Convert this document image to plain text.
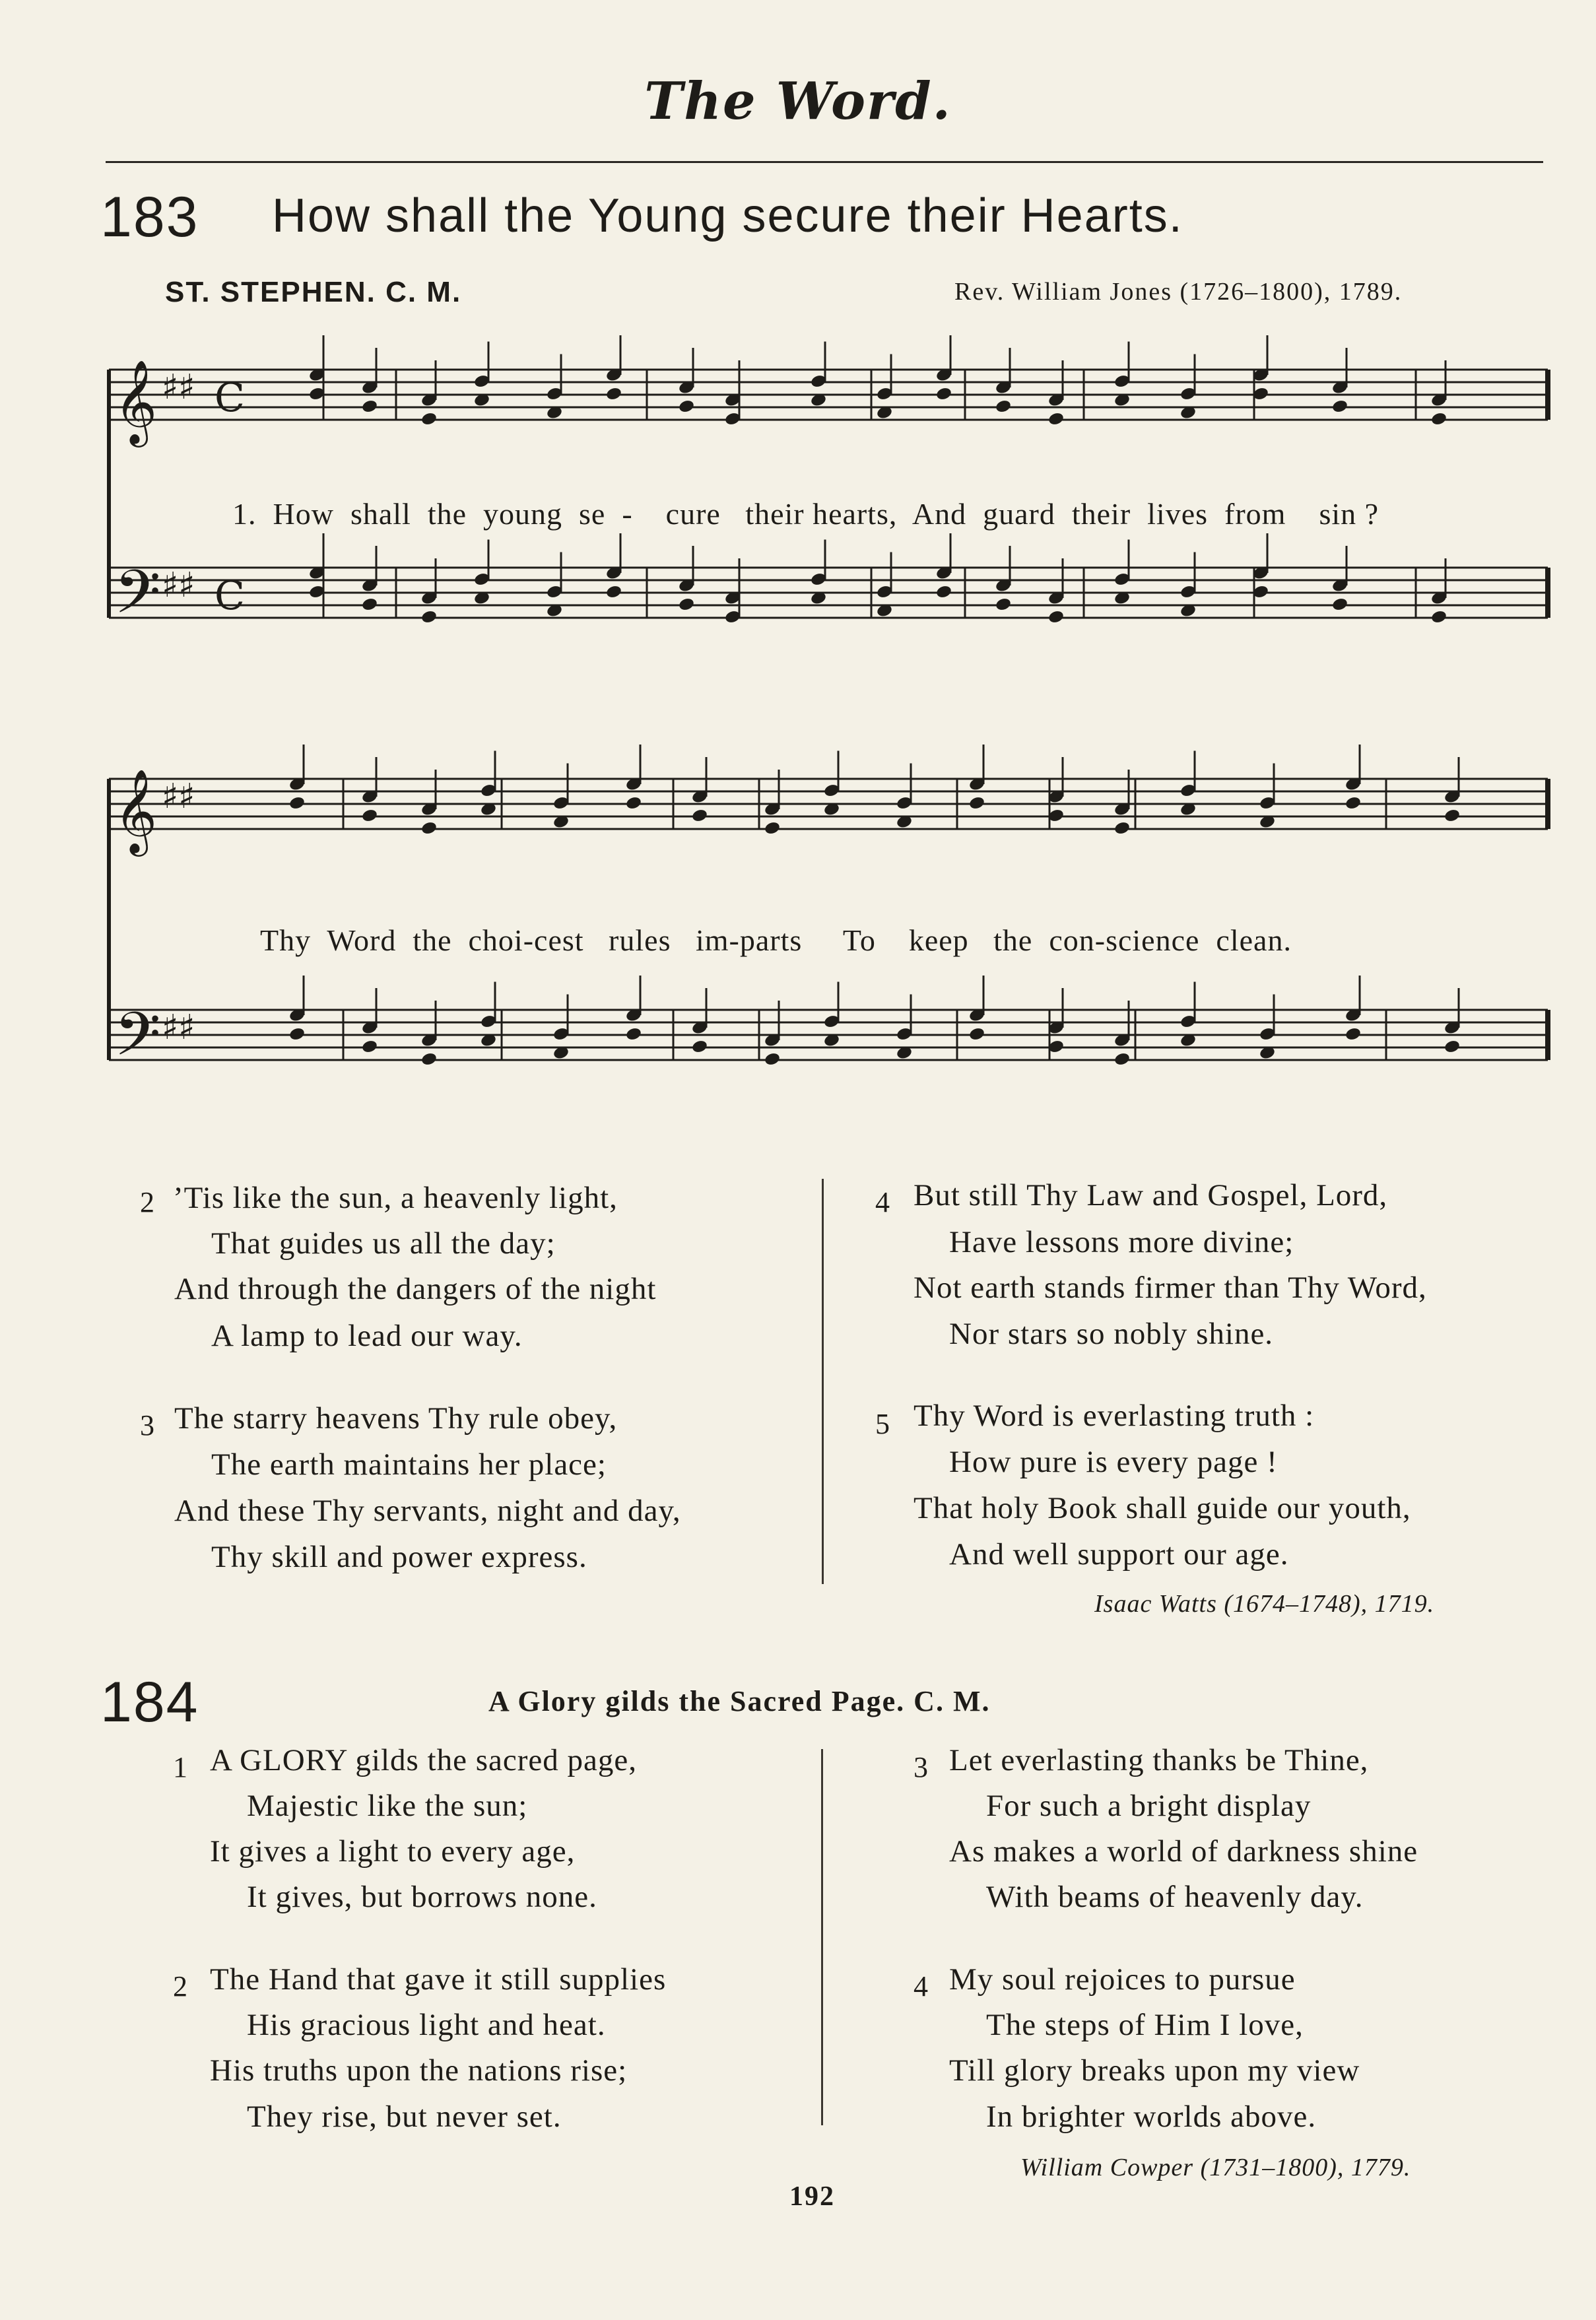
The Word.
183 How shall the Young secure their Hearts.
ST. STEPHEN. C. M.	Rev. William Jones (1726–1800), 1789.
𝄞 ♯♯ C
𝄢 ♯♯ C
𝄞 ♯♯
𝄢 ♯♯
1.  How  shall  the  young  se  -    cure   their hearts,  And  guard  their  lives  from    sin ?
Thy  Word  the  choi-cest   rules   im-parts     To    keep   the  con-science  clean.
2 ’Tis like the sun, a heavenly light,
That guides us all the day;
And through the dangers of the night
A lamp to lead our way.
3 The starry heavens Thy rule obey,
The earth maintains her place;
And these Thy servants, night and day,
Thy skill and power express.
4 But still Thy Law and Gospel, Lord,
Have lessons more divine;
Not earth stands firmer than Thy Word,
Nor stars so nobly shine.
5 Thy Word is everlasting truth :
How pure is every page !
That holy Book shall guide our youth,
And well support our age.
Isaac Watts (1674–1748), 1719.
184	A Glory gilds the Sacred Page. C. M.
1 A GLORY gilds the sacred page,
Majestic like the sun;
It gives a light to every age,
It gives, but borrows none.
2 The Hand that gave it still supplies
His gracious light and heat.
His truths upon the nations rise;
They rise, but never set.
3 Let everlasting thanks be Thine,
For such a bright display
As makes a world of darkness shine
With beams of heavenly day.
4 My soul rejoices to pursue
The steps of Him I love,
Till glory breaks upon my view
In brighter worlds above.
William Cowper (1731–1800), 1779.
192
